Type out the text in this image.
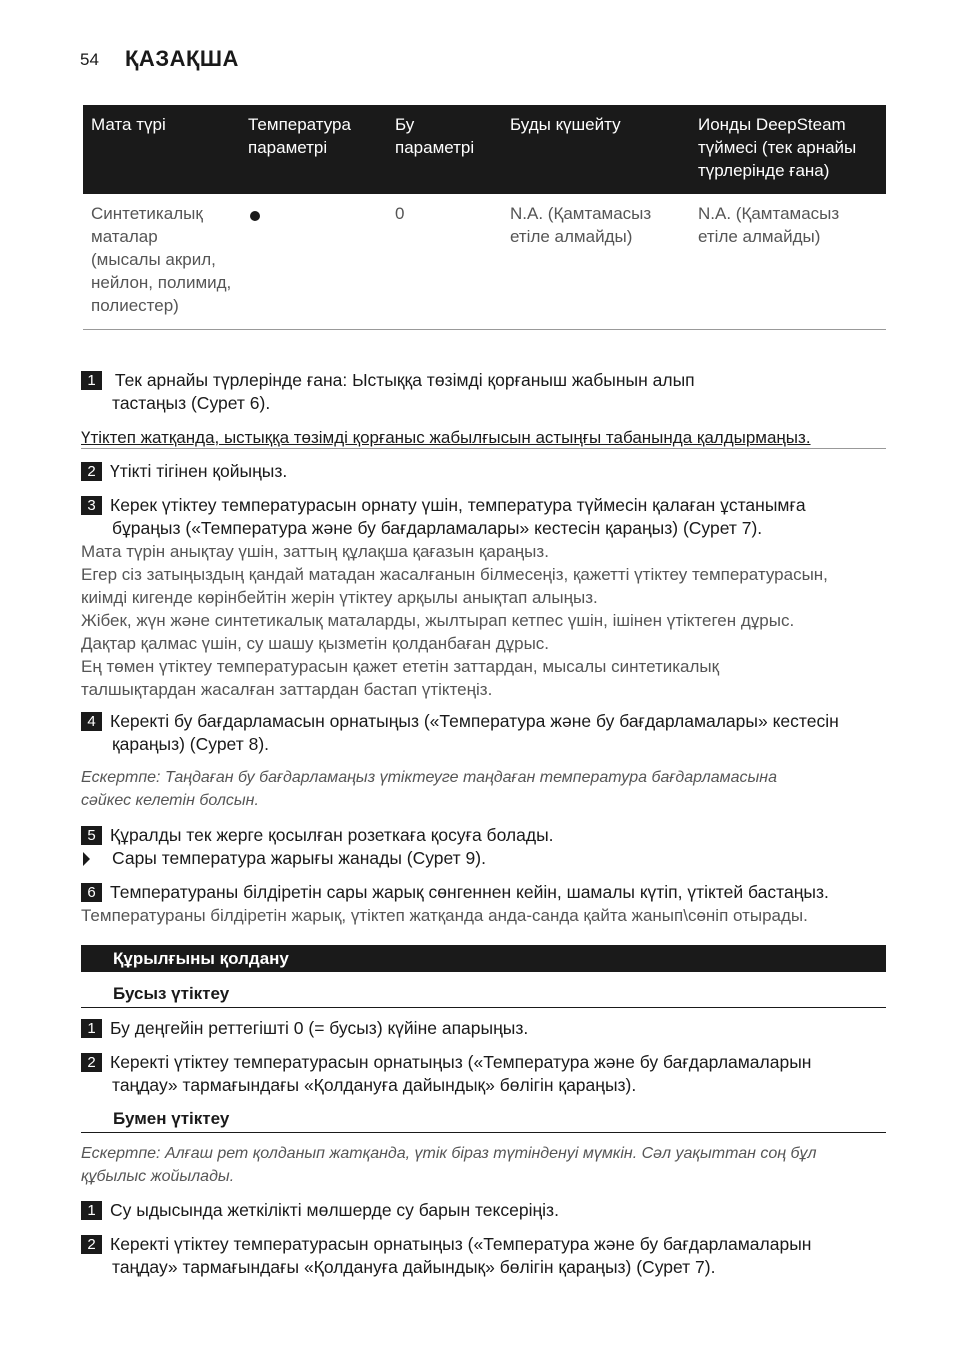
54 ҚАЗАҚША
Мата түрі	Температура параметрі	Бу параметрі	Буды күшейту	Ионды DeepSteam түймесі (тек арнайы түрлерінде ғана)
Синтетикалық маталар (мысалы акрил, нейлон, полимид, полиестер)		0	N.A. (Қамтамасыз етіле алмайды)	N.A. (Қамтамасыз етіле алмайды)
1 Тек арнайы түрлерінде ғана: Ыстыққа төзімді қорғаныш жабынын алып
тастаңыз (Сурет 6).
Үтіктеп жатқанда, ыстыққа төзімді қорғаныс жабылғысын астыңғы табанында қалдырмаңыз.
2 Үтікті тігінен қойыңыз.
3 Керек үтіктеу температурасын орнату үшін, температура түймесін қалаған ұстанымға
бұраңыз («Температура және бу бағдарламалары» кестесін қараңыз) (Сурет 7).
Мата түрін анықтау үшін, заттың құлақша қағазын қараңыз.
Егер сіз затыңыздың қандай матадан жасалғанын білмесеңіз, қажетті үтіктеу температурасын,
киімді кигенде көрінбейтін жерін үтіктеу арқылы анықтап алыңыз.
Жібек, жүн және синтетикалық маталарды, жылтырап кетпес үшін, ішінен үтіктеген дұрыс.
Дақтар қалмас үшін, су шашу қызметін қолданбаған дұрыс.
Ең төмен үтіктеу температурасын қажет ететін заттардан, мысалы синтетикалық
талшықтардан жасалған заттардан бастап үтіктеңіз.
4 Керекті бу бағдарламасын орнатыңыз («Температура және бу бағдарламалары» кестесін
қараңыз) (Сурет 8).
Ескертпе: Таңдаған бу бағдарламаңыз үтіктеуге таңдаған температура бағдарламасына
сәйкес келетін болсын.
5 Құралды тек жерге қосылған розеткаға қосуға болады.
Сары температура жарығы жанады (Сурет 9).
6 Температураны білдіретін сары жарық сөнгеннен кейін, шамалы күтіп, үтіктей бастаңыз.
Температураны білдіретін жарық, үтіктеп жатқанда анда-санда қайта жанып\сөніп отырады.
Құрылғыны қолдану
Бусыз үтіктеу
1 Бу деңгейін реттегішті 0 (= бусыз) күйіне апарыңыз.
2 Керекті үтіктеу температурасын орнатыңыз («Температура және бу бағдарламаларын
таңдау» тармағындағы «Қолдануға дайындық» бөлігін қараңыз).
Бумен үтіктеу
Ескертпе: Алғаш рет қолданып жатқанда, үтік біраз түтінденуі мүмкін. Сәл уақыттан соң бұл
құбылыс жойылады.
1 Су ыдысында жеткілікті мөлшерде су барын тексеріңіз.
2 Керекті үтіктеу температурасын орнатыңыз («Температура және бу бағдарламаларын
таңдау» тармағындағы «Қолдануға дайындық» бөлігін қараңыз) (Сурет 7).
